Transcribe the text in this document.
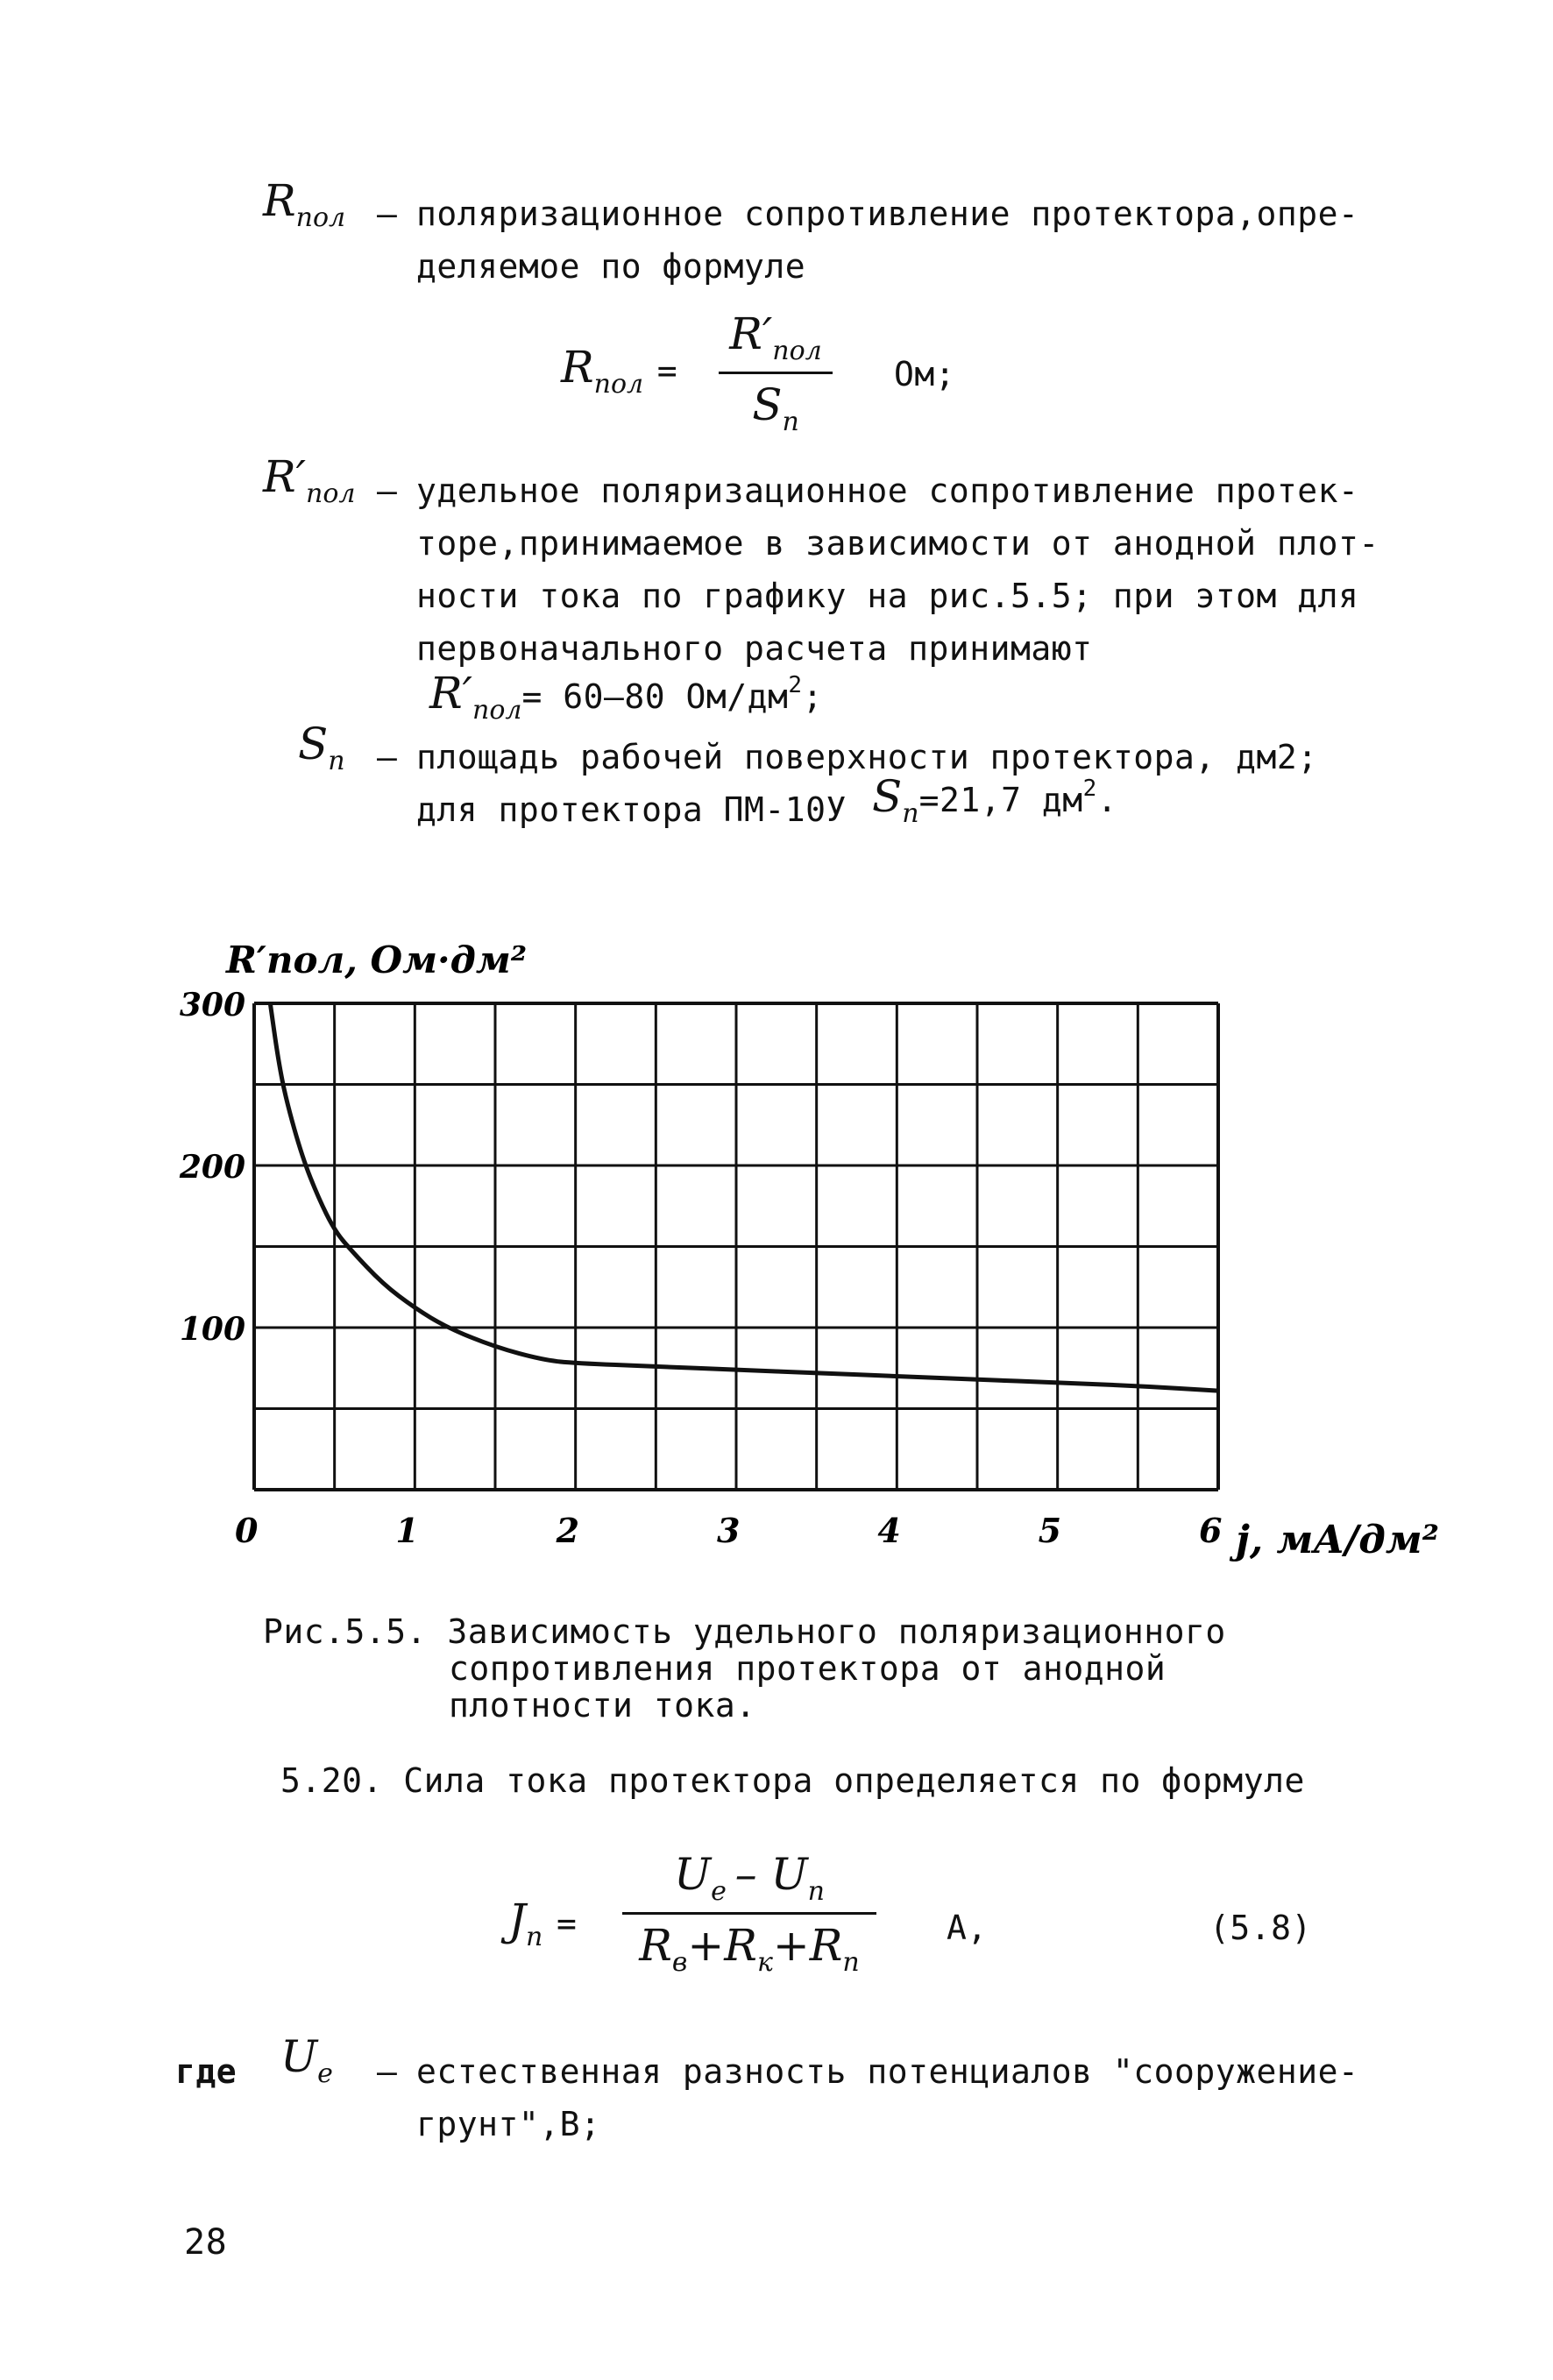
Rпол – поляризационное сопротивление протектора,опре-
деляемое по формуле
Rпол =
R′пол
Sп
Ом;
R′пол – удельное поляризационное сопротивление протек-
торе,принимаемое в зависимости от анодной плот-
ности тока по графику на рис.5.5; при этом для
первоначального расчета принимают
R′пол= 60–80 Ом/дм2;
Sп – площадь рабочей поверхности протектора, дм2;
для протектора ПМ-10У Sп=21,7 дм2.
R′пол, Ом·дм²
100
200
300
0	1	2	3	4	5	6 j, мА/дм²
Рис.5.5. Зависимость удельного поляризационного
сопротивления протектора от анодной
плотности тока.
5.20. Сила тока протектора определяется по формуле
Jп =
Ue – Uп
Rв+Rк+Rп
А,	(5.8)
где Uе – естественная разность потенциалов "сооружение-
грунт",В;
28
